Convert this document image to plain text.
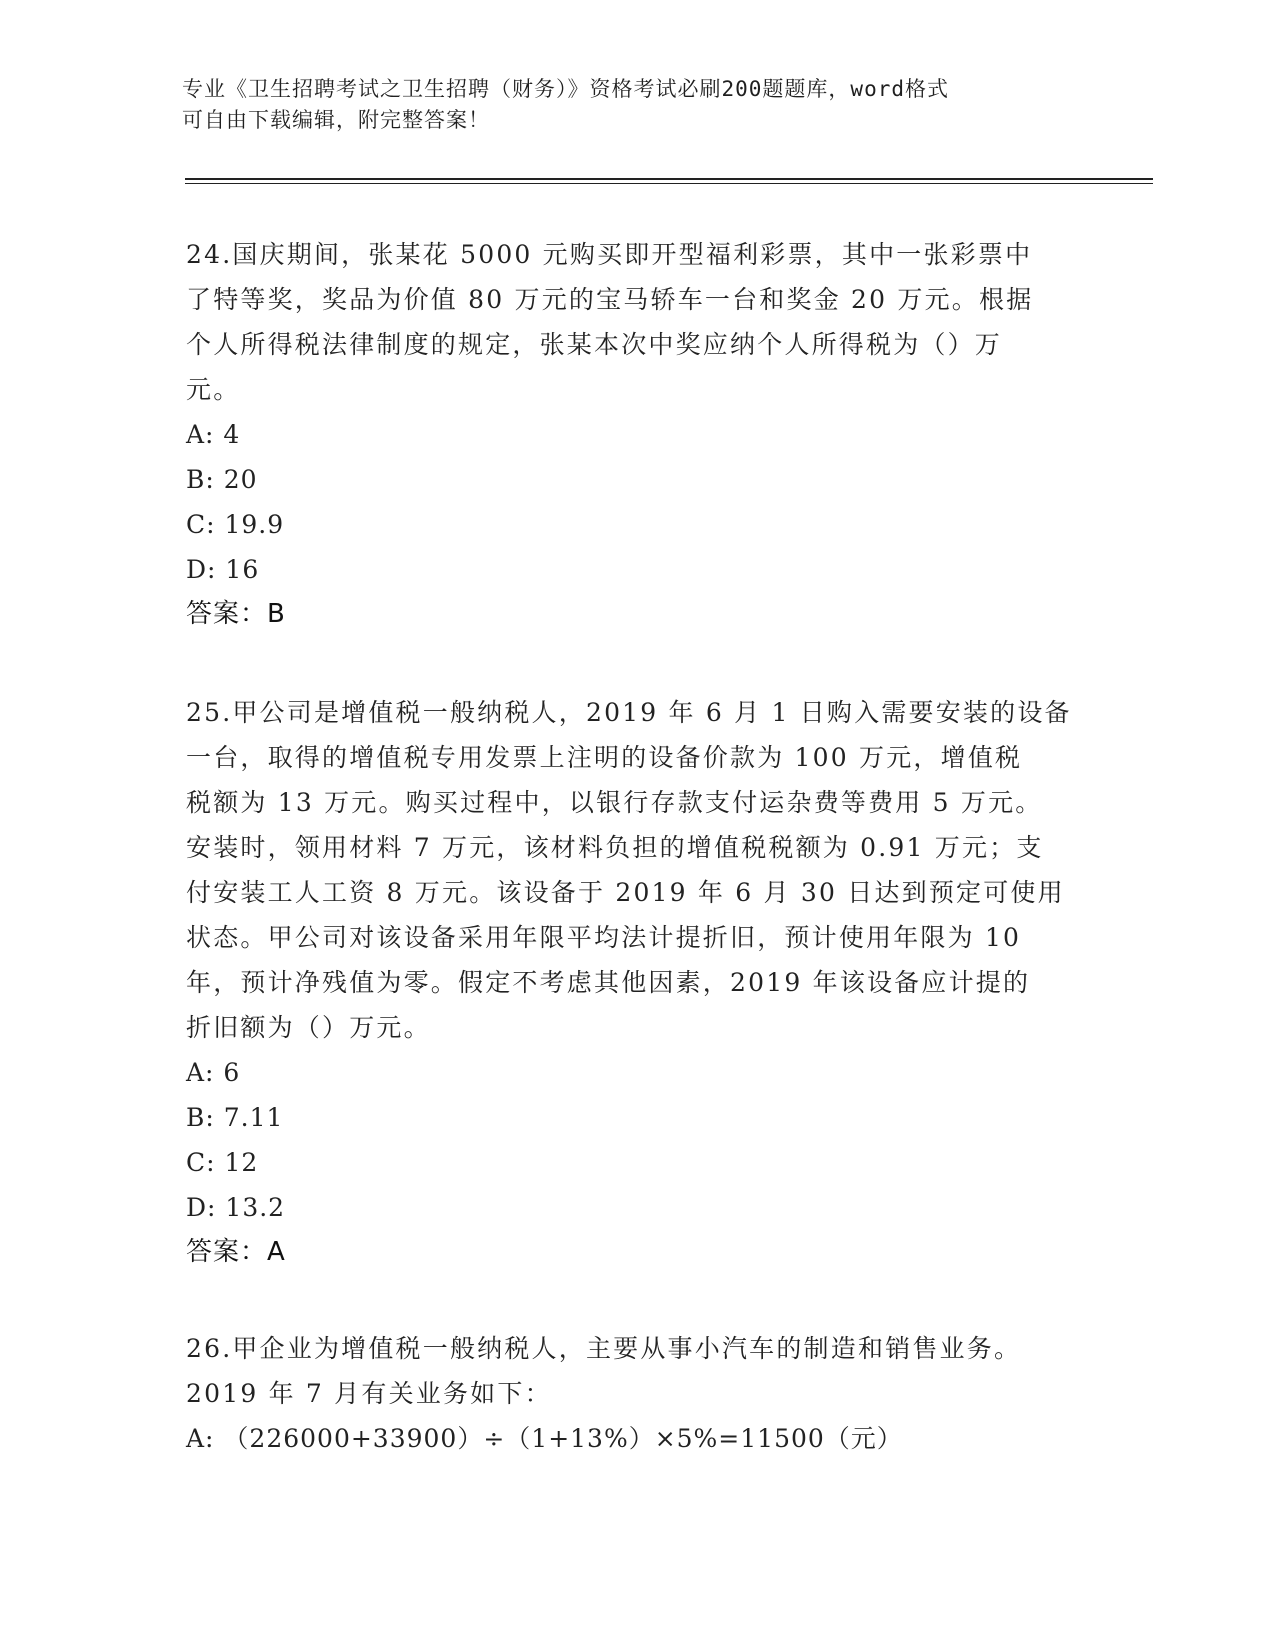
专业《卫生招聘考试之卫生招聘（财务）》资格考试必刷200题题库，word格式
可自由下载编辑，附完整答案！
24.国庆期间，张某花 5000 元购买即开型福利彩票，其中一张彩票中
了特等奖，奖品为价值 80 万元的宝马轿车一台和奖金 20 万元。根据
个人所得税法律制度的规定，张某本次中奖应纳个人所得税为（）万
元。
A: 4
B: 20
C: 19.9
D: 16
答案：B
25.甲公司是增值税一般纳税人，2019 年 6 月 1 日购入需要安装的设备
一台，取得的增值税专用发票上注明的设备价款为 100 万元，增值税
税额为 13 万元。购买过程中，以银行存款支付运杂费等费用 5 万元。
安装时，领用材料 7 万元，该材料负担的增值税税额为 0.91 万元；支
付安装工人工资 8 万元。该设备于 2019 年 6 月 30 日达到预定可使用
状态。甲公司对该设备采用年限平均法计提折旧，预计使用年限为 10
年，预计净残值为零。假定不考虑其他因素，2019 年该设备应计提的
折旧额为（）万元。
A: 6
B: 7.11
C: 12
D: 13.2
答案：A
26.甲企业为增值税一般纳税人，主要从事小汽车的制造和销售业务。
2019 年 7 月有关业务如下：
A: （226000+33900）÷（1+13%）×5%=11500（元）
